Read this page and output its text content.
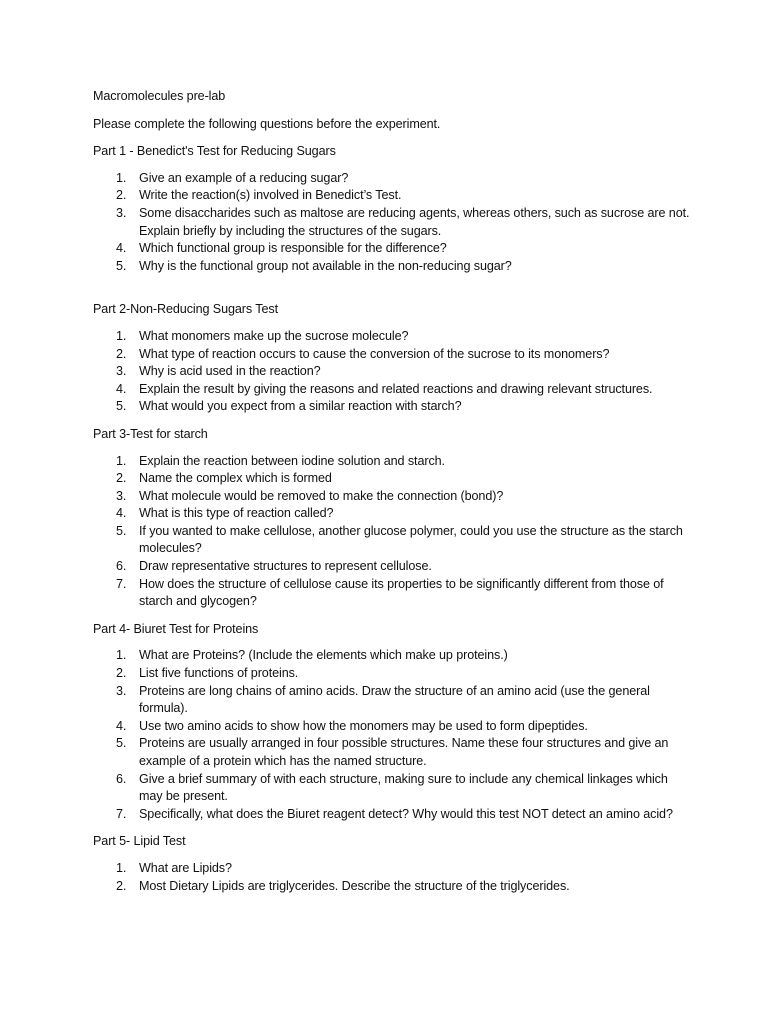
Macromolecules pre-lab

Please complete the following questions before the experiment.

Part 1 - Benedict's Test for Reducing Sugars

1. Give an example of a reducing sugar?
2. Write the reaction(s) involved in Benedict’s Test.
3. Some disaccharides such as maltose are reducing agents, whereas others, such as sucrose are not. Explain briefly by including the structures of the sugars.
4. Which functional group is responsible for the difference?
5. Why is the functional group not available in the non-reducing sugar?

Part 2-Non-Reducing Sugars Test

1. What monomers make up the sucrose molecule?
2. What type of reaction occurs to cause the conversion of the sucrose to its monomers?
3. Why is acid used in the reaction?
4. Explain the result by giving the reasons and related reactions and drawing relevant structures.
5. What would you expect from a similar reaction with starch?

Part 3-Test for starch

1. Explain the reaction between iodine solution and starch.
2. Name the complex which is formed
3. What molecule would be removed to make the connection (bond)?
4. What is this type of reaction called?
5. If you wanted to make cellulose, another glucose polymer, could you use the structure as the starch molecules?
6. Draw representative structures to represent cellulose.
7. How does the structure of cellulose cause its properties to be significantly different from those of starch and glycogen?

Part 4- Biuret Test for Proteins

1. What are Proteins? (Include the elements which make up proteins.)
2. List five functions of proteins.
3. Proteins are long chains of amino acids. Draw the structure of an amino acid (use the general formula).
4. Use two amino acids to show how the monomers may be used to form dipeptides.
5. Proteins are usually arranged in four possible structures. Name these four structures and give an example of a protein which has the named structure.
6. Give a brief summary of with each structure, making sure to include any chemical linkages which may be present.
7. Specifically, what does the Biuret reagent detect? Why would this test NOT detect an amino acid?

Part 5- Lipid Test

1. What are Lipids?
2. Most Dietary Lipids are triglycerides. Describe the structure of the triglycerides.
